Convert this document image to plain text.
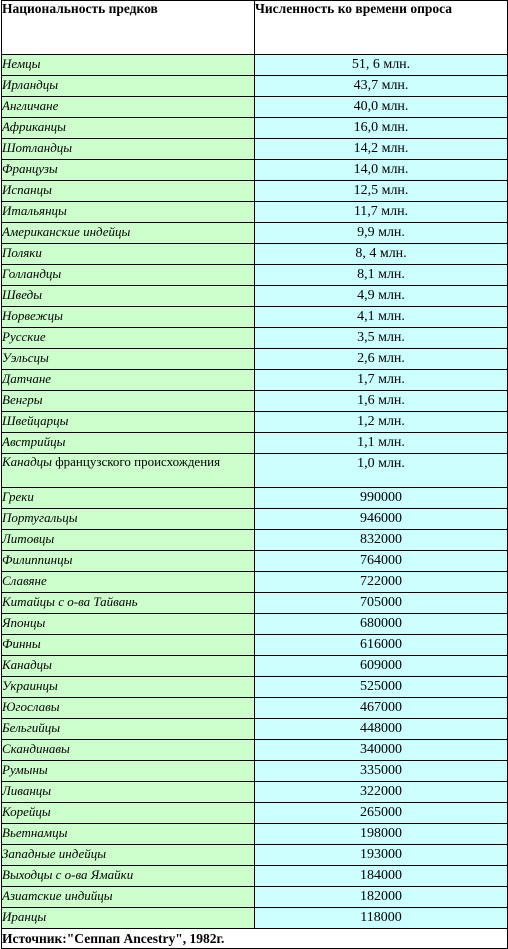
Национальность предков	Численность ко времени опроса
Немцы	51, 6 млн.
Ирландцы	43,7 млн.
Англичане	40,0 млн.
Африканцы	16,0 млн.
Шотландцы	14,2 млн.
Французы	14,0 млн.
Испанцы	12,5 млн.
Итальянцы	11,7 млн.
Американские индейцы	9,9 млн.
Поляки	8, 4 млн.
Голландцы	8,1 млн.
Шведы	4,9 млн.
Норвежцы	4,1 млн.
Русские	3,5 млн.
Уэльсцы	2,6 млн.
Датчане	1,7 млн.
Венгры	1,6 млн.
Швейцарцы	1,2 млн.
Австрийцы	1,1 млн.
Канадцы французского происхождения	1,0 млн.
Греки	990000
Португальцы	946000
Литовцы	832000
Филиппинцы	764000
Славяне	722000
Китайцы с о-ва Тайвань	705000
Японцы	680000
Финны	616000
Канадцы	609000
Украинцы	525000
Югославы	467000
Бельгийцы	448000
Скандинавы	340000
Румыны	335000
Ливанцы	322000
Корейцы	265000
Вьетнамцы	198000
Западные индейцы	193000
Выходцы с о-ва Ямайки	184000
Азиатские индийцы	182000
Иранцы	118000
Источник:"Сеппап Ancestry", 1982г.	
